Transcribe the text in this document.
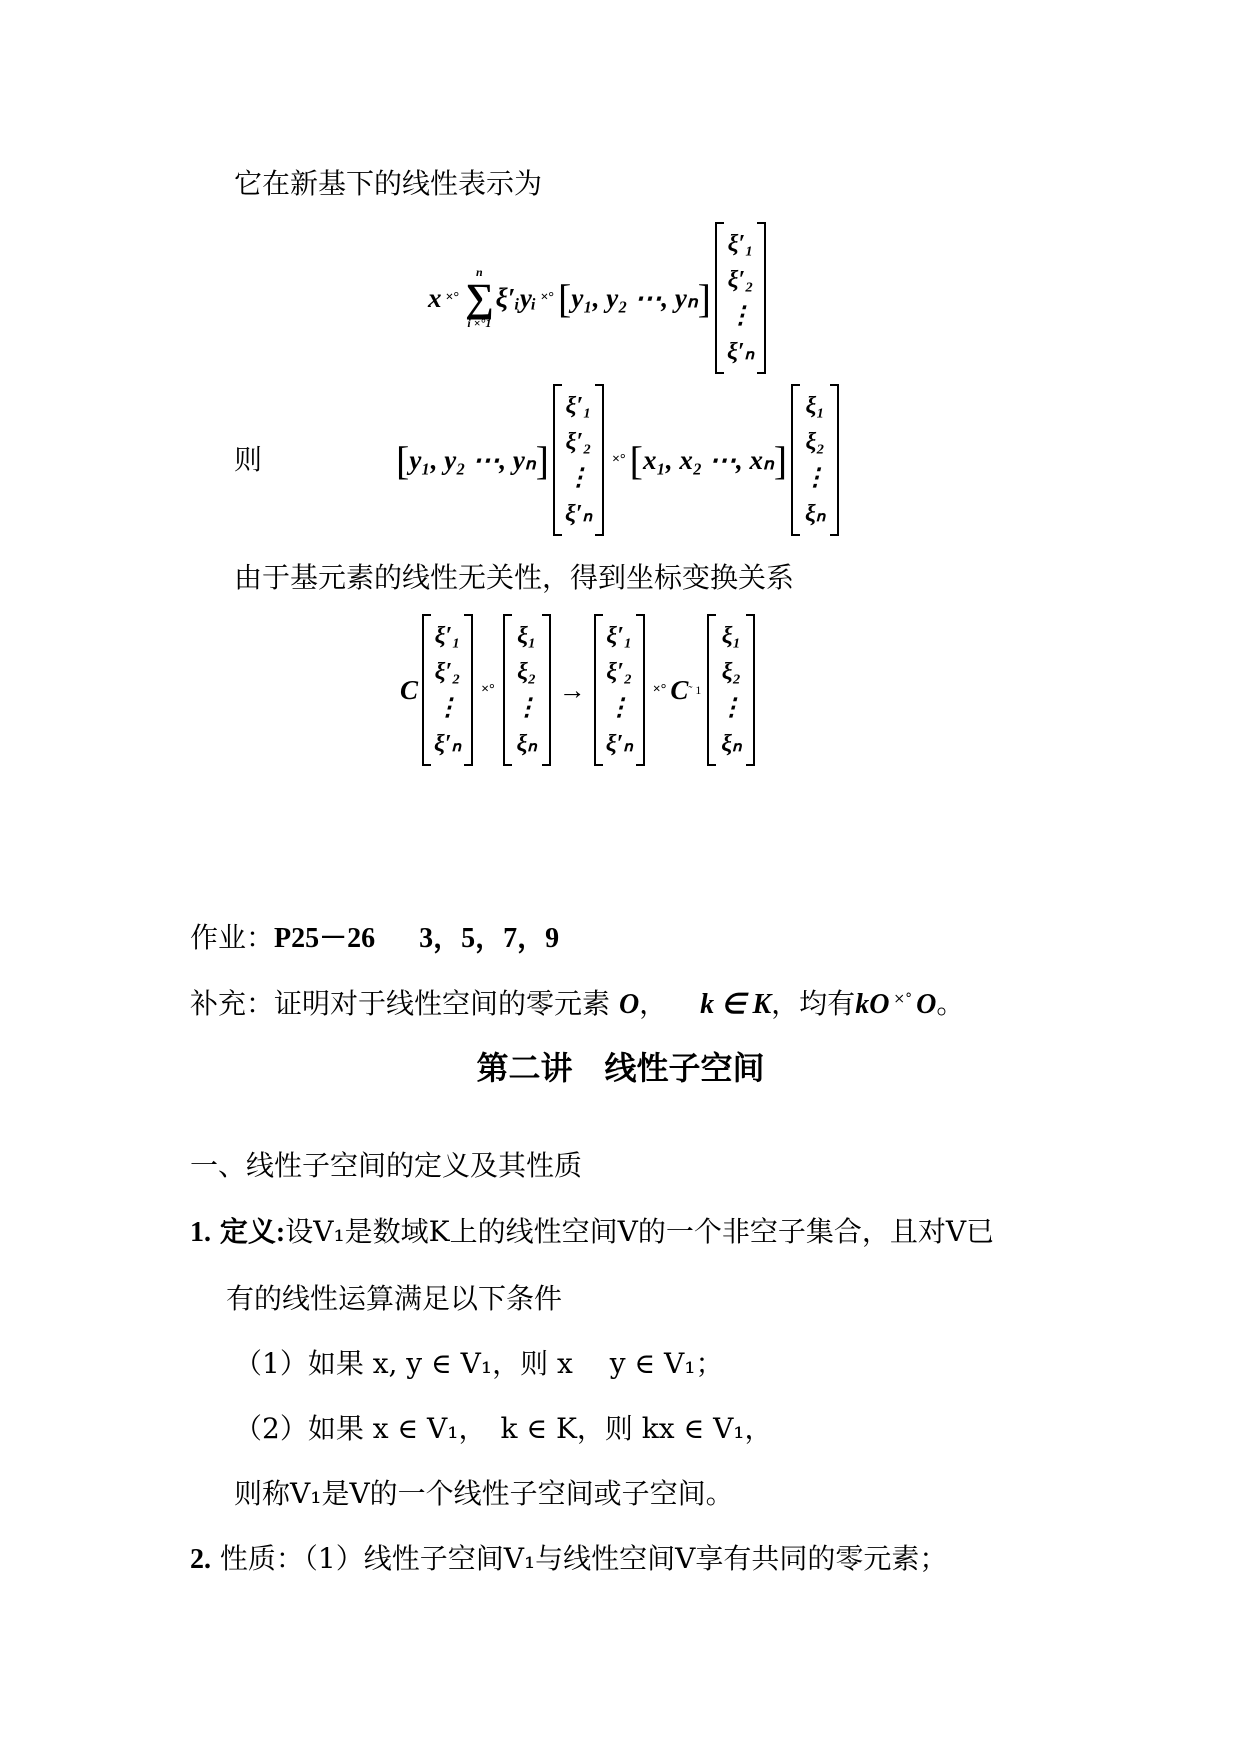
它在新基下的线性表示为
x ×°
n
∑
i ×°1
ξ′ᵢyᵢ ×° [ y₁, y₂ ⋯, yₙ ]
ξ′₁
ξ′₂
⋮
ξ′ₙ
则	[ y₁, y₂ ⋯, yₙ ]
ξ′₁
ξ′₂
⋮
ξ′ₙ
×° [ x₁, x₂ ⋯, xₙ ]
ξ₁
ξ₂
⋮
ξₙ
由于基元素的线性无关性，得到坐标变换关系
C
ξ′₁
ξ′₂
⋮
ξ′ₙ
×°
ξ₁
ξ₂
⋮
ξₙ
→
ξ′₁
ξ′₂
⋮
ξ′ₙ
×° C ˜ 1
ξ₁
ξ₂
⋮
ξₙ
作业：P25－26 3，5，7，9
补充：证明对于线性空间的零元素 O， k ∈ K，均有kO ×° O。
第二讲　线性子空间
一、线性子空间的定义及其性质
1. 定义:设V₁是数域K上的线性空间V的一个非空子集合，且对V已
有的线性运算满足以下条件
（1）如果 x, y ∈ V₁，则 x　 y ∈ V₁；
（2）如果 x ∈ V₁，　k ∈ K，则 kx ∈ V₁，
则称V₁是V的一个线性子空间或子空间。
2. 性质：（1）线性子空间V₁与线性空间V享有共同的零元素；
